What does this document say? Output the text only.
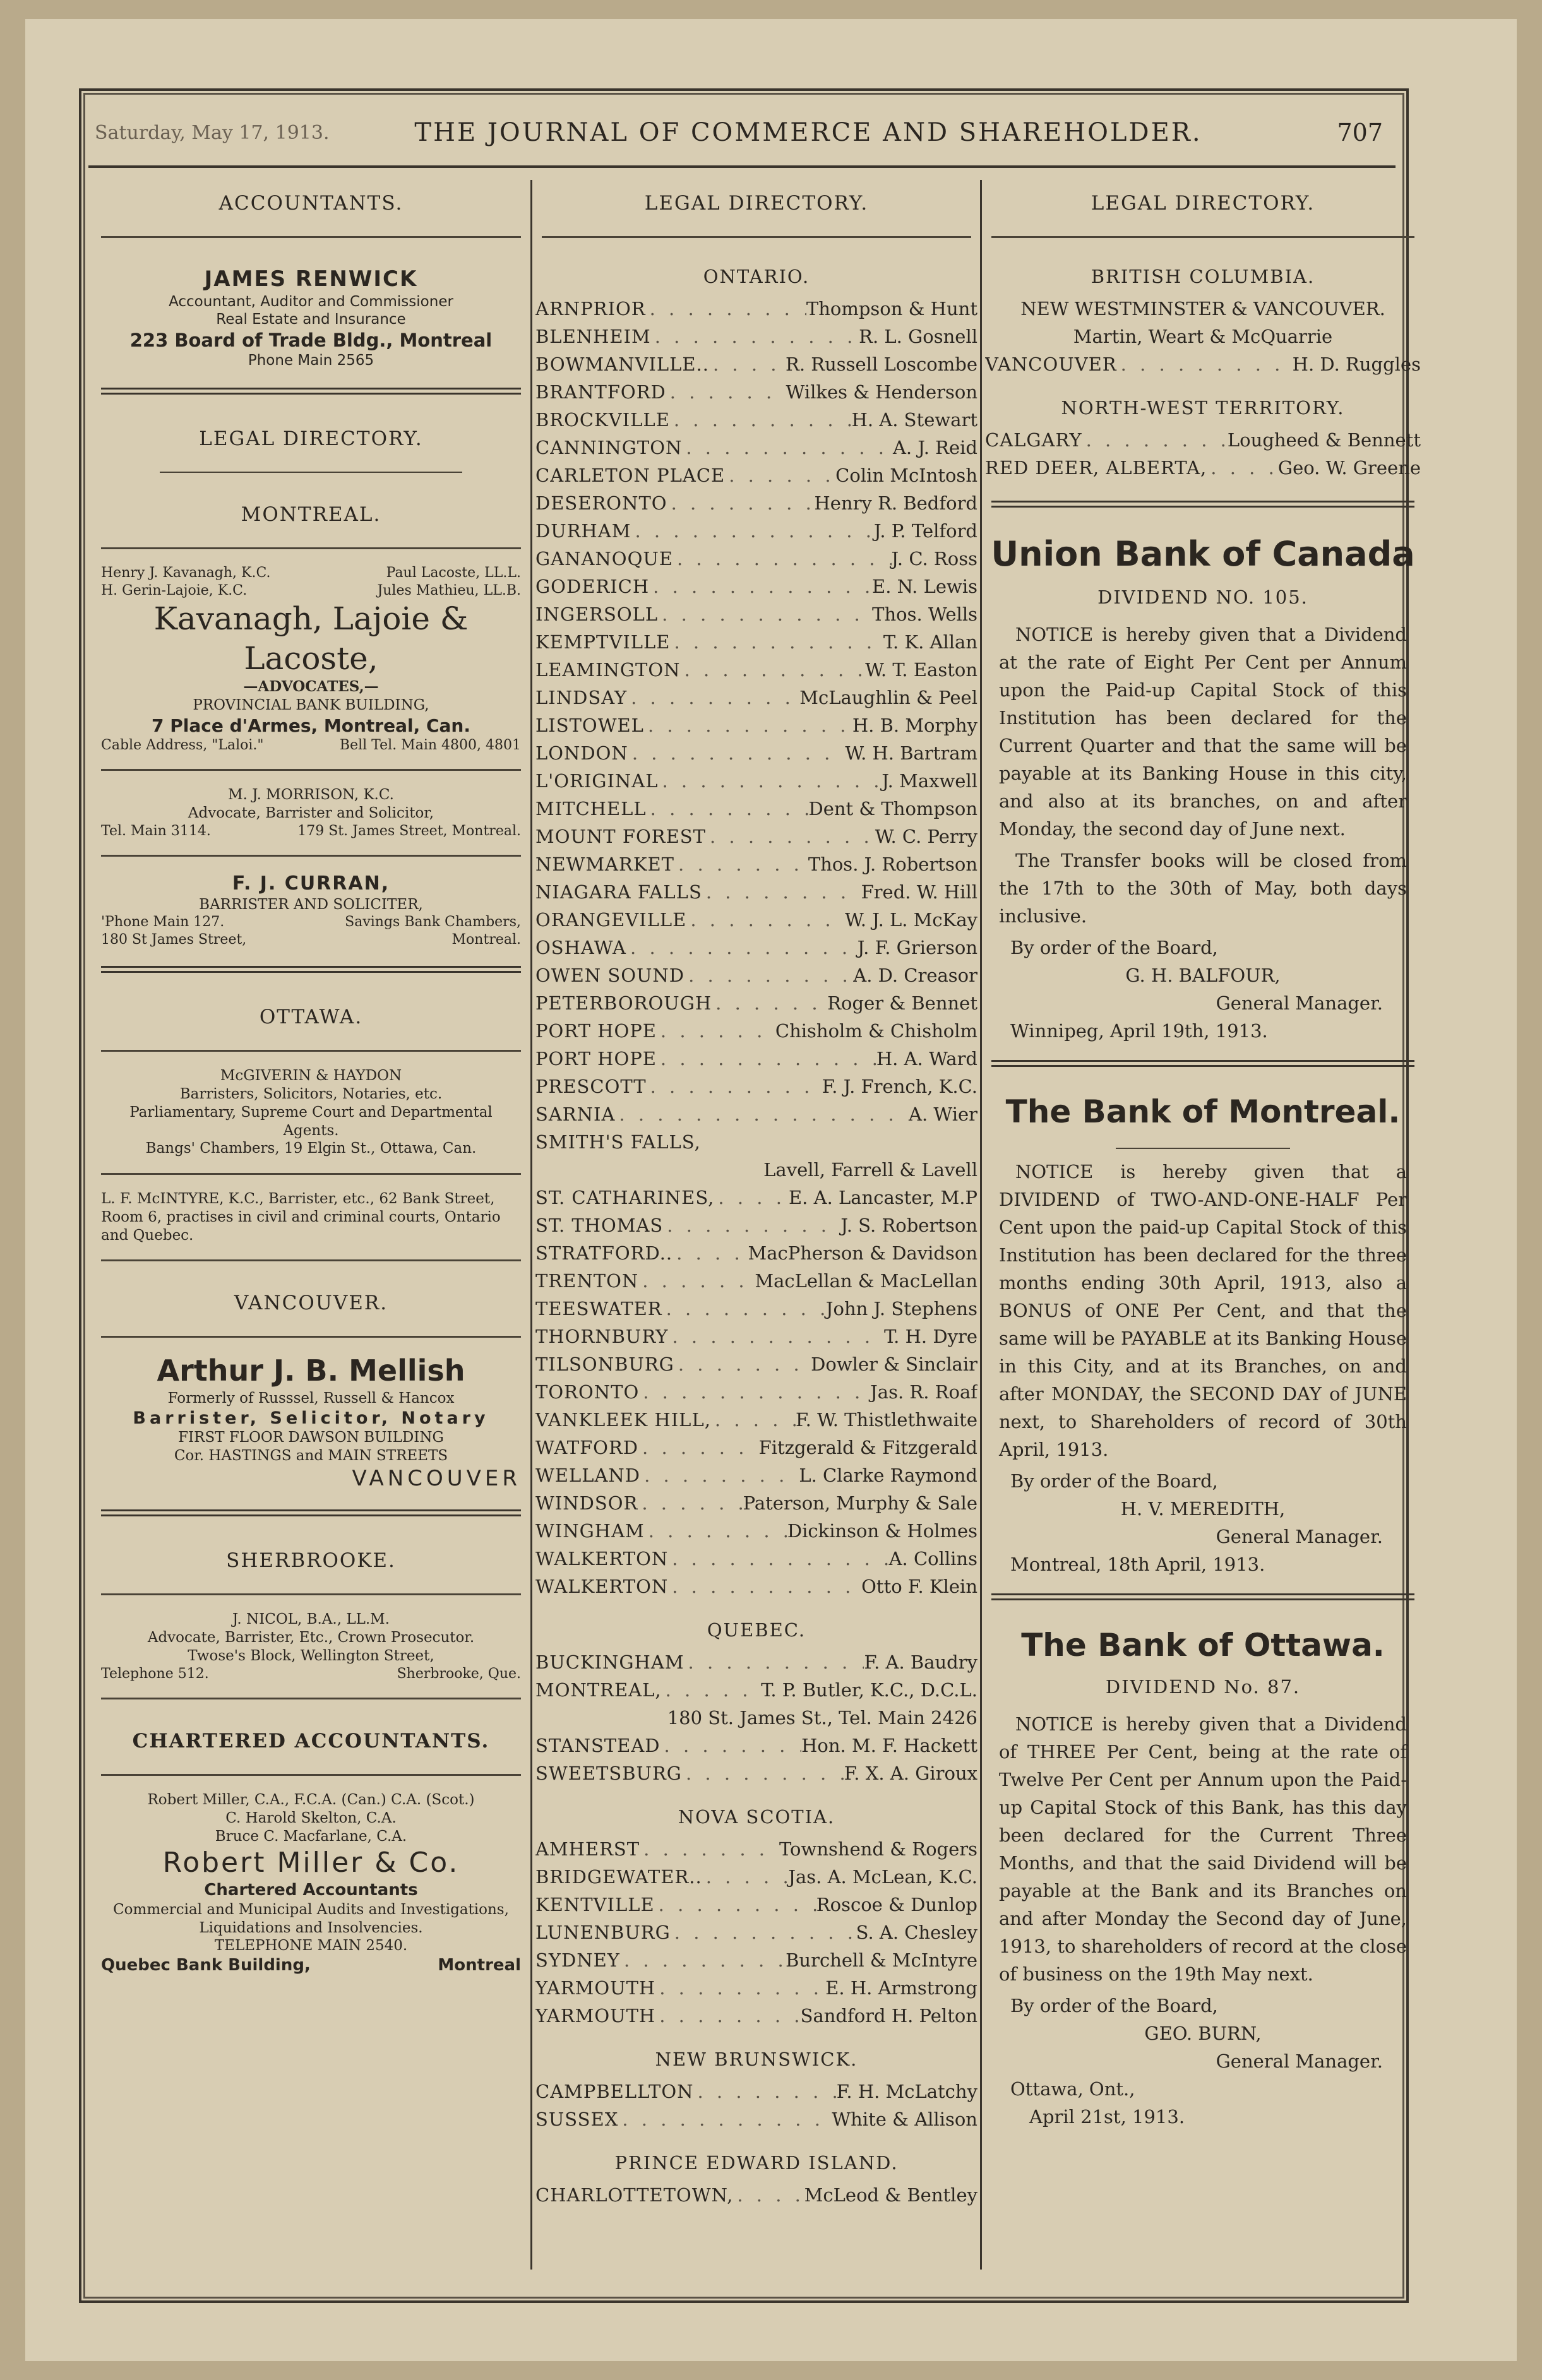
Saturday, May 17, 1913.	THE JOURNAL OF COMMERCE AND SHAREHOLDER.	707
ACCOUNTANTS.
JAMES RENWICK
Accountant, Auditor and Commissioner
Real Estate and Insurance
223 Board of Trade Bldg., Montreal
Phone Main 2565
LEGAL DIRECTORY.
MONTREAL.
Henry J. Kavanagh, K.C.	Paul Lacoste, LL.L.
H. Gerin-Lajoie, K.C.	Jules Mathieu, LL.B.
Kavanagh, Lajoie & Lacoste,
—ADVOCATES,—
PROVINCIAL BANK BUILDING,
7 Place d'Armes, Montreal, Can.
Cable Address, "Laloi."	Bell Tel. Main 4800, 4801
M. J. MORRISON, K.C.
Advocate, Barrister and Solicitor,
Tel. Main 3114.	179 St. James Street, Montreal.
F. J. CURRAN,
BARRISTER AND SOLICITER,
'Phone Main 127.	Savings Bank Chambers,
180 St James Street,	Montreal.
OTTAWA.
McGIVERIN & HAYDON
Barristers, Solicitors, Notaries, etc.
Parliamentary, Supreme Court and Departmental
Agents.
Bangs' Chambers, 19 Elgin St., Ottawa, Can.
L. F. McINTYRE, K.C., Barrister, etc., 62 Bank Street, Room 6, practises in civil and criminal courts, Ontario and Quebec.
VANCOUVER.
Arthur J. B. Mellish
Formerly of Russsel, Russell & Hancox
Barrister, Selicitor, Notary
FIRST FLOOR DAWSON BUILDING
Cor. HASTINGS and MAIN STREETS
VANCOUVER
SHERBROOKE.
J. NICOL, B.A., LL.M.
Advocate, Barrister, Etc., Crown Prosecutor.
Twose's Block, Wellington Street,
Telephone 512.	Sherbrooke, Que.
CHARTERED ACCOUNTANTS.
Robert Miller, C.A., F.C.A. (Can.) C.A. (Scot.)
C. Harold Skelton, C.A.
Bruce C. Macfarlane, C.A.
Robert Miller & Co.
Chartered Accountants
Commercial and Municipal Audits and Investigations, Liquidations and Insolvencies.
TELEPHONE MAIN 2540.
Quebec Bank Building,	Montreal
LEGAL DIRECTORY.
ONTARIO.
ARNPRIOR . . .	Thompson & Hunt
BLENHEIM . . .	R. L. Gosnell
BOWMANVILLE.. . . .	R. Russell Loscombe
BRANTFORD . . .	Wilkes & Henderson
BROCKVILLE . . .	H. A. Stewart
CANNINGTON . . .	A. J. Reid
CARLETON PLACE . . .	Colin McIntosh
DESERONTO . . .	Henry R. Bedford
DURHAM . . .	J. P. Telford
GANANOQUE . . .	J. C. Ross
GODERICH . . .	E. N. Lewis
INGERSOLL . . .	Thos. Wells
KEMPTVILLE . . .	T. K. Allan
LEAMINGTON . . .	W. T. Easton
LINDSAY . . .	McLaughlin & Peel
LISTOWEL . . .	H. B. Morphy
LONDON . . .	W. H. Bartram
L'ORIGINAL . . .	J. Maxwell
MITCHELL . . .	Dent & Thompson
MOUNT FOREST . . .	W. C. Perry
NEWMARKET . . .	Thos. J. Robertson
NIAGARA FALLS . . .	Fred. W. Hill
ORANGEVILLE . . .	W. J. L. McKay
OSHAWA . . .	J. F. Grierson
OWEN SOUND . . .	A. D. Creasor
PETERBOROUGH . . .	Roger & Bennet
PORT HOPE . . .	Chisholm & Chisholm
PORT HOPE . . .	H. A. Ward
PRESCOTT . . .	F. J. French, K.C.
SARNIA . . .	A. Wier
SMITH'S FALLS,
Lavell, Farrell & Lavell
ST. CATHARINES, . . .	E. A. Lancaster, M.P
ST. THOMAS . . .	J. S. Robertson
STRATFORD.. . . .	MacPherson & Davidson
TRENTON . . .	MacLellan & MacLellan
TEESWATER . . .	John J. Stephens
THORNBURY . . .	T. H. Dyre
TILSONBURG . . .	Dowler & Sinclair
TORONTO . . .	Jas. R. Roaf
VANKLEEK HILL, . . .	F. W. Thistlethwaite
WATFORD . . .	Fitzgerald & Fitzgerald
WELLAND . . .	L. Clarke Raymond
WINDSOR . . .	Paterson, Murphy & Sale
WINGHAM . . .	Dickinson & Holmes
WALKERTON . . .	A. Collins
WALKERTON . . .	Otto F. Klein
QUEBEC.
BUCKINGHAM . . .	F. A. Baudry
MONTREAL, . . .	T. P. Butler, K.C., D.C.L.
180 St. James St., Tel. Main 2426
STANSTEAD . . .	Hon. M. F. Hackett
SWEETSBURG . . .	F. X. A. Giroux
NOVA SCOTIA.
AMHERST . . .	Townshend & Rogers
BRIDGEWATER.. . . .	Jas. A. McLean, K.C.
KENTVILLE . . .	Roscoe & Dunlop
LUNENBURG . . .	S. A. Chesley
SYDNEY . . .	Burchell & McIntyre
YARMOUTH . . .	E. H. Armstrong
YARMOUTH . . .	Sandford H. Pelton
NEW BRUNSWICK.
CAMPBELLTON . . .	F. H. McLatchy
SUSSEX . . .	White & Allison
PRINCE EDWARD ISLAND.
CHARLOTTETOWN, . . .	McLeod & Bentley
LEGAL DIRECTORY.
BRITISH COLUMBIA.
NEW WESTMINSTER & VANCOUVER.
Martin, Weart & McQuarrie
VANCOUVER . . .	H. D. Ruggles
NORTH-WEST TERRITORY.
CALGARY . . .	Lougheed & Bennett
RED DEER, ALBERTA, . . .	Geo. W. Greene
Union Bank of Canada
DIVIDEND NO. 105.

NOTICE is hereby given that a Dividend at the rate of Eight Per Cent per Annum upon the Paid-up Capital Stock of this Institution has been declared for the Current Quarter and that the same will be payable at its Banking House in this city, and also at its branches, on and after Monday, the second day of June next.

The Transfer books will be closed from the 17th to the 30th of May, both days inclusive.

By order of the Board,
G. H. BALFOUR,
General Manager.
Winnipeg, April 19th, 1913.
The Bank of Montreal.

NOTICE is hereby given that a DIVIDEND of TWO-AND-ONE-HALF Per Cent upon the paid-up Capital Stock of this Institution has been declared for the three months ending 30th April, 1913, also a BONUS of ONE Per Cent, and that the same will be PAYABLE at its Banking House in this City, and at its Branches, on and after MONDAY, the SECOND DAY of JUNE next, to Shareholders of record of 30th April, 1913.

By order of the Board,
H. V. MEREDITH,
General Manager.
Montreal, 18th April, 1913.
The Bank of Ottawa.
DIVIDEND No. 87.

NOTICE is hereby given that a Dividend of THREE Per Cent, being at the rate of Twelve Per Cent per Annum upon the Paid-up Capital Stock of this Bank, has this day been declared for the Current Three Months, and that the said Dividend will be payable at the Bank and its Branches on and after Monday the Second day of June, 1913, to shareholders of record at the close of business on the 19th May next.

By order of the Board,
GEO. BURN,
General Manager.
Ottawa, Ont.,
April 21st, 1913.
